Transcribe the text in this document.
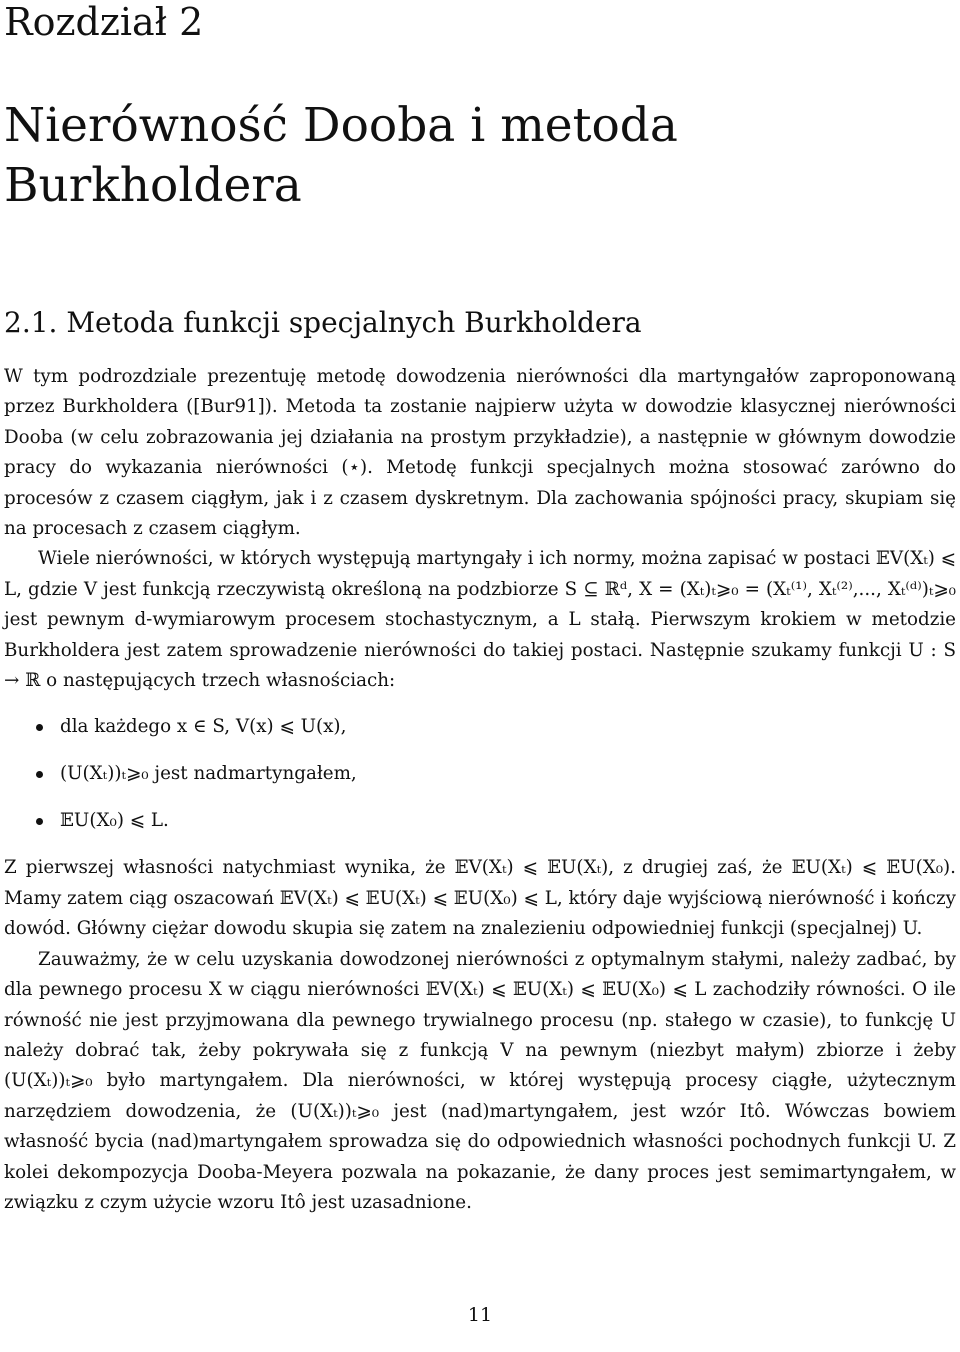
Rozdział 2
Nierówność Dooba i metoda Burkholdera
2.1. Metoda funkcji specjalnych Burkholdera

W tym podrozdziale prezentuję metodę dowodzenia nierówności dla martyngałów zaproponowaną przez Burkholdera ([Bur91]). Metoda ta zostanie najpierw użyta w dowodzie klasycznej nierówności Dooba (w celu zobrazowania jej działania na prostym przykładzie), a następnie w głównym dowodzie pracy do wykazania nierówności (⋆). Metodę funkcji specjalnych można stosować zarówno do procesów z czasem ciągłym, jak i z czasem dyskretnym. Dla zachowania spójności pracy, skupiam się na procesach z czasem ciągłym.

Wiele nierówności, w których występują martyngały i ich normy, można zapisać w postaci 𝔼V(Xₜ) ⩽ L, gdzie V jest funkcją rzeczywistą określoną na podzbiorze S ⊆ ℝᵈ, X = (Xₜ)ₜ⩾₀ = (Xₜ⁽¹⁾, Xₜ⁽²⁾,..., Xₜ⁽ᵈ⁾)ₜ⩾₀ jest pewnym d-wymiarowym procesem stochastycznym, a L stałą. Pierwszym krokiem w metodzie Burkholdera jest zatem sprowadzenie nierówności do takiej postaci. Następnie szukamy funkcji U : S → ℝ o następujących trzech własnościach:

dla każdego x ∈ S, V(x) ⩽ U(x),
(U(Xₜ))ₜ⩾₀ jest nadmartyngałem,
𝔼U(X₀) ⩽ L.

Z pierwszej własności natychmiast wynika, że 𝔼V(Xₜ) ⩽ 𝔼U(Xₜ), z drugiej zaś, że 𝔼U(Xₜ) ⩽ 𝔼U(X₀). Mamy zatem ciąg oszacowań 𝔼V(Xₜ) ⩽ 𝔼U(Xₜ) ⩽ 𝔼U(X₀) ⩽ L, który daje wyjściową nierówność i kończy dowód. Główny ciężar dowodu skupia się zatem na znalezieniu odpowiedniej funkcji (specjalnej) U.

Zauważmy, że w celu uzyskania dowodzonej nierówności z optymalnym stałymi, należy zadbać, by dla pewnego procesu X w ciągu nierówności 𝔼V(Xₜ) ⩽ 𝔼U(Xₜ) ⩽ 𝔼U(X₀) ⩽ L zachodziły równości. O ile równość nie jest przyjmowana dla pewnego trywialnego procesu (np. stałego w czasie), to funkcję U należy dobrać tak, żeby pokrywała się z funkcją V na pewnym (niezbyt małym) zbiorze i żeby (U(Xₜ))ₜ⩾₀ było martyngałem. Dla nierówności, w której występują procesy ciągłe, użytecznym narzędziem dowodzenia, że (U(Xₜ))ₜ⩾₀ jest (nad)martyngałem, jest wzór Itô. Wówczas bowiem własność bycia (nad)martyngałem sprowadza się do odpowiednich własności pochodnych funkcji U. Z kolei dekompozycja Dooba-Meyera pozwala na pokazanie, że dany proces jest semimartyngałem, w związku z czym użycie wzoru Itô jest uzasadnione.

11
